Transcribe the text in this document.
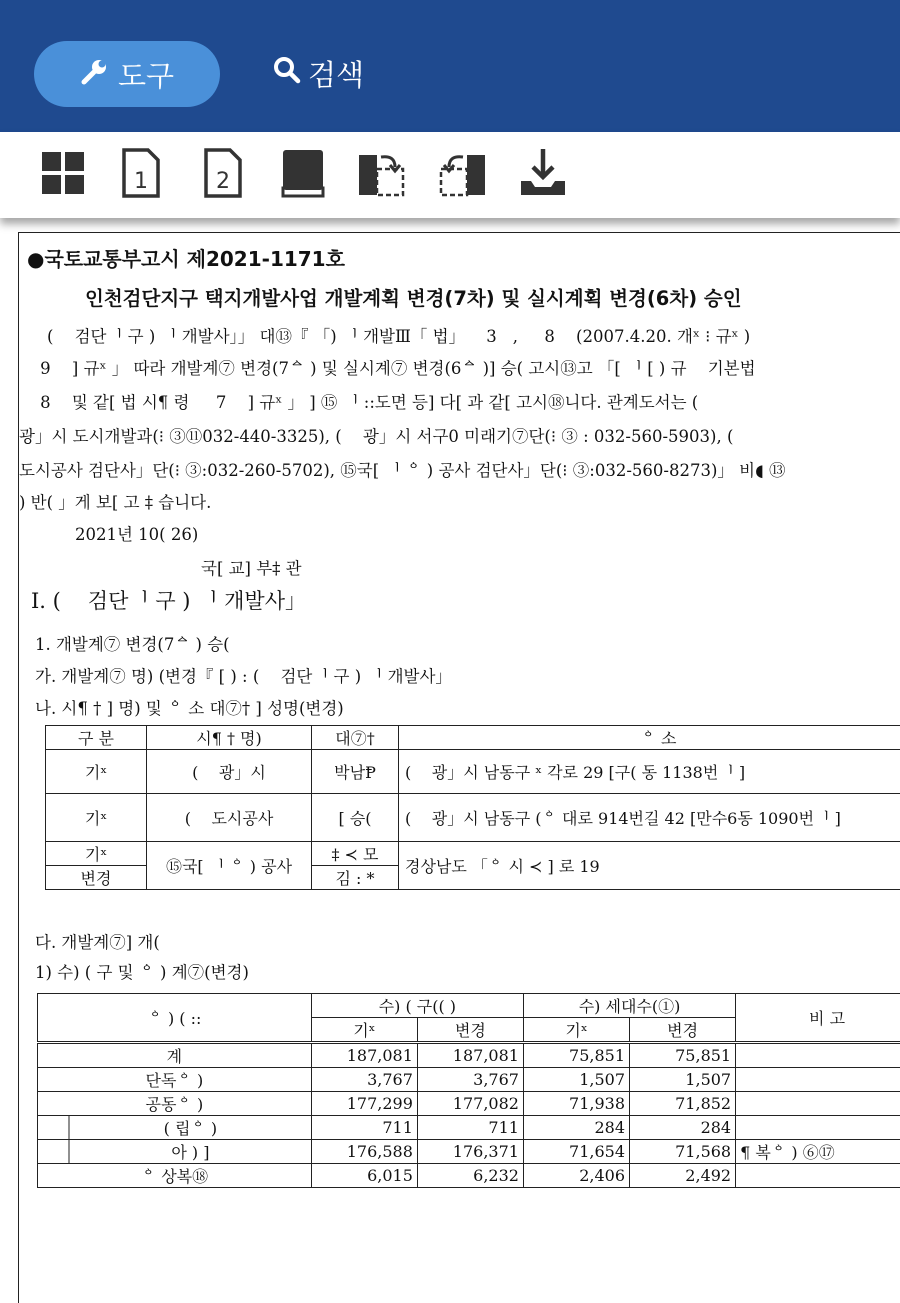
도구	검색
1	2
●국토교통부고시 제2021-1171호
인천검단지구 택지개발사업 개발계획 변경(7차) 및 실시계획 변경(6차) 승인
(ᅟ 검단ᅵ 구 ) ᅵ 개발사」」 대⑬『 「) ᅵ 개발Ⅲ「 법」ᅟ 3ᅟ, ᅟ 8ᅟ (2007.4.20. 개ˣ ⁝ 규ˣ )
ᅟ 9ᅟ ] 규ˣ 」 따라 개발계⑦ 변경(7ᅀ ) 및 실시계⑦ 변경(6ᅀ )] 승( 고시⑬고 「[ ᅵ [ ) 규ᅟ 기본법
ᅟ 8ᅟ 및 같[ 법 시¶ 령 ᅟ 7ᅟ ] 규ˣ 」 ] ⑮ ᅵ ::도면 등] 다[ 과 같[ 고시⑱니다. 관계도서는 (
광」시 도시개발과(⁝ ③⑪032-440-3325), (ᅟ 광」시 서구0 미래기⑦단(⁝ ③ : 032-560-5903), (
도시공사 검단사」단(⁝ ③:032-260-5702), ⑮국[ ᅵ ᅌ ) 공사 검단사」단(⁝ ③:032-560-8273)」 비◖ ⑬
) 반( 」게 보[ 고 ‡ 습니다.
2021년 10( 26)
국[ 교] 부‡ 관
Ⅰ. (ᅟ 검단ᅵ 구 ) ᅵ 개발사」
1. 개발계⑦ 변경(7ᅀ ) 승(
가. 개발계⑦ 명) (변경『 [ ) : (ᅟ 검단ᅵ 구 ) ᅵ 개발사」
나. 시¶ † ] 명) 및 ᅌ 소 대⑦† ] 성명(변경)
구 분	시¶ † 명)	대⑦†	ᅌ 소
기ˣ	(ᅟ 광」시	박남Ᵽ	(ᅟ 광」시 남동구 ˣ 각로 29 [구( 동 1138번ᅵ ]
기ˣ	(ᅟ 도시공사	[ 승(	(ᅟ 광」시 남동구 (ᅌ 대로 914번길 42 [만수6동 1090번ᅵ ]
기ˣ	⑮국[ ᅵ ᅌ ) 공사	‡ ≺ 모	경상남도 「ᅌ 시 ≺ ] 로 19
변경		김 : *	
다. 개발계⑦] 개(
1) 수) ( 구 및 ᅌ ) 계⑦(변경)
ᅌ ) ( ::	수) ( 구(( )		수) 세대수(①)		비 고
	기ˣ	변경	기ˣ	변경	
계	187,081	187,081	75,851	75,851	
단독ᅌ )	3,767	3,767	1,507	1,507	
공동ᅌ )	177,299	177,082	71,938	71,852	
( 립ᅌ )	711	711	284	284	
아 ) ]	176,588	176,371	71,654	71,568	¶ 복ᅌ ) ⑥⑰
ᅌ 상복⑱	6,015	6,232	2,406	2,492	
